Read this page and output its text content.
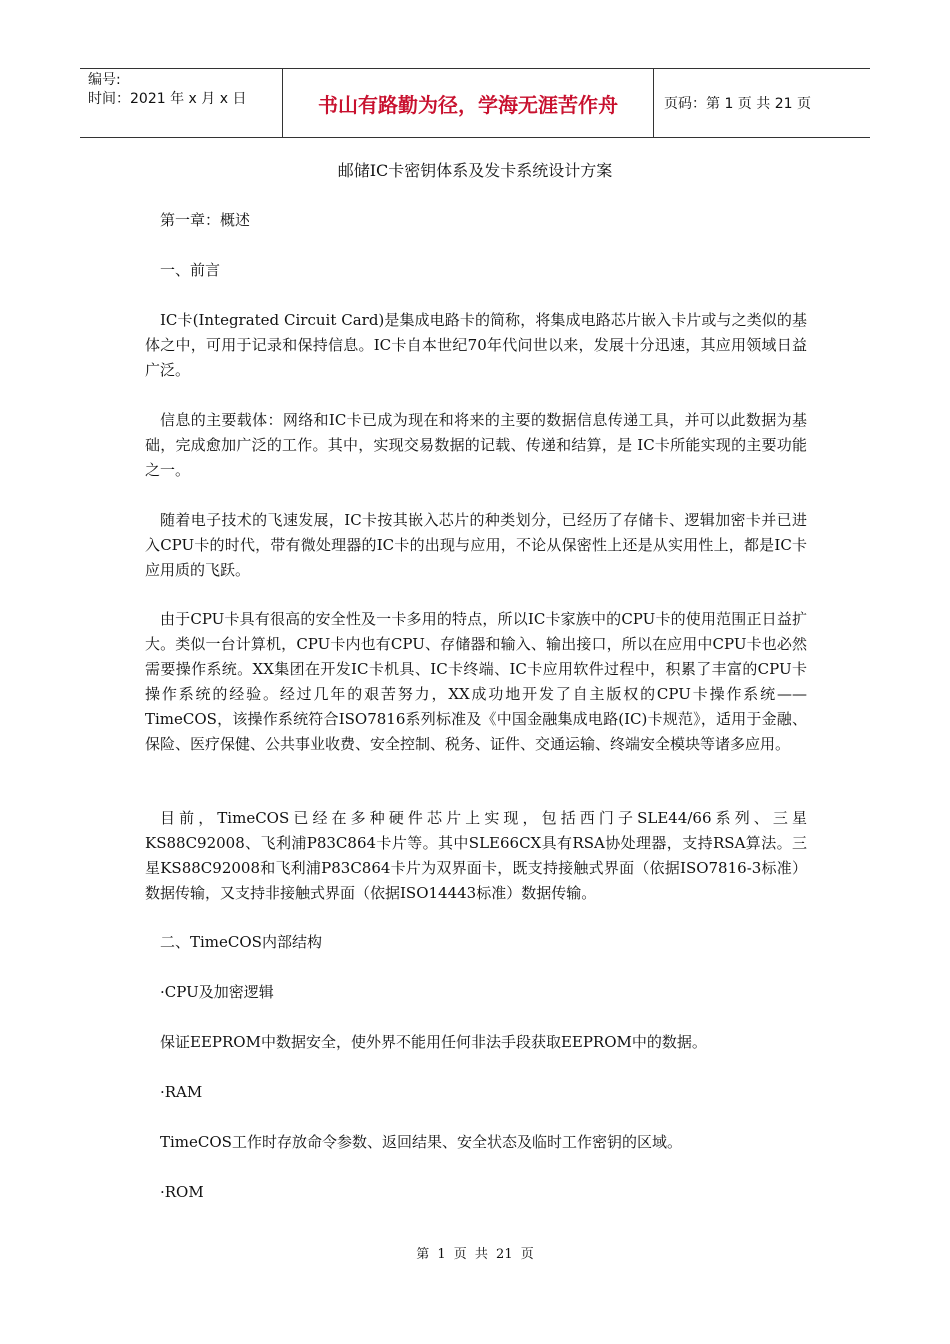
编号:
时间：2021 年 x 月 x 日	书山有路勤为径，学海无涯苦作舟	页码：第 1 页 共 21 页
邮储IC卡密钥体系及发卡系统设计方案

第一章：概述

一、前言

IC卡(Integrated Circuit Card)是集成电路卡的简称，将集成电路芯片嵌入卡片或与之类似的基体之中，可用于记录和保持信息。IC卡自本世纪70年代问世以来，发展十分迅速，其应用领域日益广泛。

信息的主要载体：网络和IC卡已成为现在和将来的主要的数据信息传递工具，并可以此数据为基础，完成愈加广泛的工作。其中，实现交易数据的记载、传递和结算，是 IC卡所能实现的主要功能之一。

随着电子技术的飞速发展，IC卡按其嵌入芯片的种类划分，已经历了存储卡、逻辑加密卡并已进入CPU卡的时代，带有微处理器的IC卡的出现与应用，不论从保密性上还是从实用性上，都是IC卡应用质的飞跃。

由于CPU卡具有很高的安全性及一卡多用的特点，所以IC卡家族中的CPU卡的使用范围正日益扩大。类似一台计算机，CPU卡内也有CPU、存储器和输入、输出接口，所以在应用中CPU卡也必然需要操作系统。XX集团在开发IC卡机具、IC卡终端、IC卡应用软件过程中，积累了丰富的CPU卡操作系统的经验。经过几年的艰苦努力，XX成功地开发了自主版权的CPU卡操作系统——TimeCOS，该操作系统符合ISO7816系列标准及《中国金融集成电路(IC)卡规范》，适用于金融、保险、医疗保健、公共事业收费、安全控制、税务、证件、交通运输、终端安全模块等诸多应用。

目前，TimeCOS已经在多种硬件芯片上实现，包括西门子SLE44/66系列、三星KS88C92008、飞利浦P83C864卡片等。其中SLE66CX具有RSA协处理器，支持RSA算法。三星KS88C92008和飞利浦P83C864卡片为双界面卡，既支持接触式界面（依据ISO7816-3标准）数据传输，又支持非接触式界面（依据ISO14443标准）数据传输。

二、TimeCOS内部结构

·CPU及加密逻辑

保证EEPROM中数据安全，使外界不能用任何非法手段获取EEPROM中的数据。

·RAM

TimeCOS工作时存放命令参数、返回结果、安全状态及临时工作密钥的区域。

·ROM

第 1 页 共 21 页
